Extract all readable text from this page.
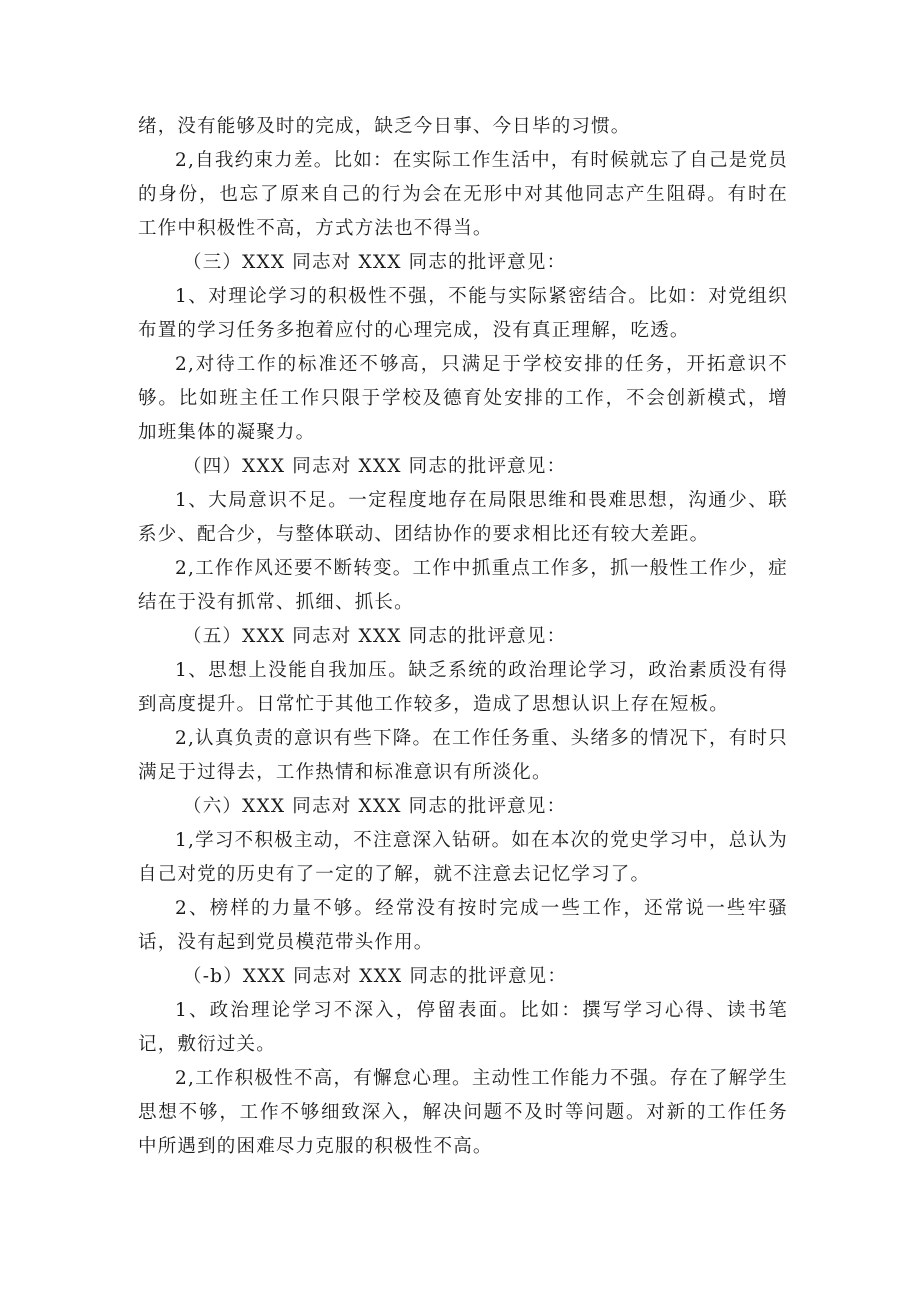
绪，没有能够及时的完成，缺乏今日事、今日毕的习惯。

2,自我约束力差。比如：在实际工作生活中，有时候就忘了自己是党员的身份，也忘了原来自己的行为会在无形中对其他同志产生阻碍。有时在工作中积极性不高，方式方法也不得当。

（三）XXX 同志对 XXX 同志的批评意见：

1、对理论学习的积极性不强，不能与实际紧密结合。比如：对党组织布置的学习任务多抱着应付的心理完成，没有真正理解，吃透。

2,对待工作的标准还不够高，只满足于学校安排的任务，开拓意识不够。比如班主任工作只限于学校及德育处安排的工作，不会创新模式，增加班集体的凝聚力。

（四）XXX 同志对 XXX 同志的批评意见：

1、大局意识不足。一定程度地存在局限思维和畏难思想，沟通少、联系少、配合少，与整体联动、团结协作的要求相比还有较大差距。

2,工作作风还要不断转变。工作中抓重点工作多，抓一般性工作少，症结在于没有抓常、抓细、抓长。

（五）XXX 同志对 XXX 同志的批评意见：

1、思想上没能自我加压。缺乏系统的政治理论学习，政治素质没有得到高度提升。日常忙于其他工作较多，造成了思想认识上存在短板。

2,认真负责的意识有些下降。在工作任务重、头绪多的情况下，有时只满足于过得去，工作热情和标准意识有所淡化。

（六）XXX 同志对 XXX 同志的批评意见：

1,学习不积极主动，不注意深入钻研。如在本次的党史学习中，总认为自己对党的历史有了一定的了解，就不注意去记忆学习了。

2、榜样的力量不够。经常没有按时完成一些工作，还常说一些牢骚话，没有起到党员模范带头作用。

（-b）XXX 同志对 XXX 同志的批评意见：

1、政治理论学习不深入，停留表面。比如：撰写学习心得、读书笔记，敷衍过关。

2,工作积极性不高，有懈怠心理。主动性工作能力不强。存在了解学生思想不够，工作不够细致深入，解决问题不及时等问题。对新的工作任务中所遇到的困难尽力克服的积极性不高。
